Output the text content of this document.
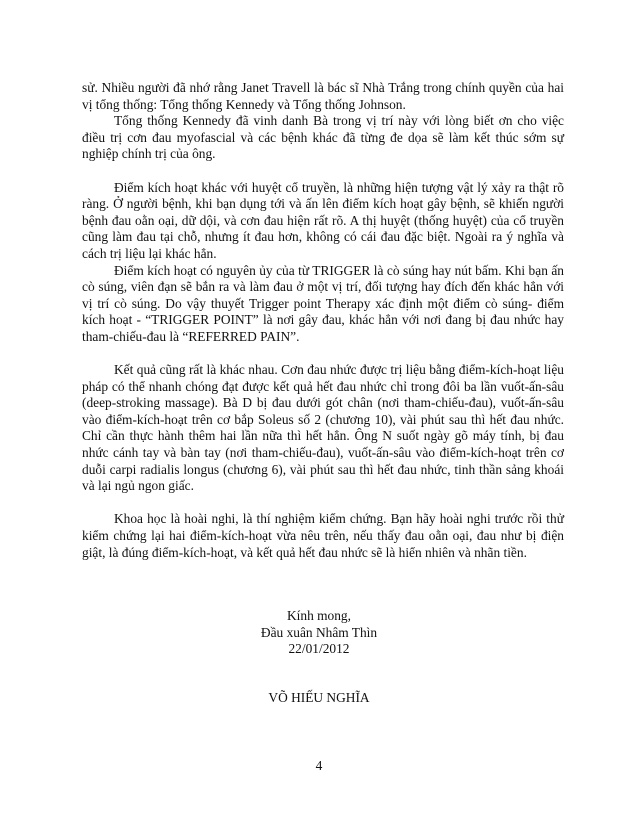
sử. Nhiều người đã nhớ rằng Janet Travell là bác sĩ Nhà Trắng trong chính quyền của hai vị tổng thống: Tổng thống Kennedy và Tổng thống Johnson.

Tổng thống Kennedy đã vinh danh Bà trong vị trí này với lòng biết ơn cho việc điều trị cơn đau myofascial và các bệnh khác đã từng đe dọa sẽ làm kết thúc sớm sự nghiệp chính trị của ông.

Điểm kích hoạt khác với huyệt cổ truyền, là những hiện tượng vật lý xảy ra thật rõ ràng. Ở người bệnh, khi bạn dụng tới và ấn lên điểm kích hoạt gây bệnh, sẽ khiến người bệnh đau oằn oại, dữ dội, và cơn đau hiện rất rõ. A thị huyệt (thống huyệt) của cổ truyền cũng làm đau tại chỗ, nhưng ít đau hơn, không có cái đau đặc biệt. Ngoài ra ý nghĩa và cách trị liệu lại khác hẳn.

Điểm kích hoạt có nguyên ủy của từ TRIGGER là cò súng hay nút bấm. Khi bạn ấn cò súng, viên đạn sẽ bắn ra và làm đau ở một vị trí, đối tượng hay đích đến khác hẳn với vị trí cò súng. Do vậy thuyết Trigger point Therapy xác định một điểm cò súng- điểm kích hoạt - “TRIGGER POINT” là nơi gây đau, khác hẳn với nơi đang bị đau nhức hay tham-chiếu-đau là “REFERRED PAIN”.

Kết quả cũng rất là khác nhau. Cơn đau nhức được trị liệu bằng điểm-kích-hoạt liệu pháp có thể nhanh chóng đạt được kết quả hết đau nhức chỉ trong đôi ba lần vuốt-ấn-sâu (deep-stroking massage). Bà D bị đau dưới gót chân (nơi tham-chiếu-đau), vuốt-ấn-sâu vào điểm-kích-hoạt trên cơ bắp Soleus số 2 (chương 10), vài phút sau thì hết đau nhức. Chỉ cần thực hành thêm hai lần nữa thì hết hẳn. Ông N suốt ngày gõ máy tính, bị đau nhức cánh tay và bàn tay (nơi tham-chiếu-đau), vuốt-ấn-sâu vào điểm-kích-hoạt trên cơ duỗi carpi radialis longus (chương 6), vài phút sau thì hết đau nhức, tinh thần sảng khoái và lại ngủ ngon giấc.

Khoa học là hoài nghi, là thí nghiệm kiểm chứng. Bạn hãy hoài nghi trước rồi thử kiểm chứng lại hai điểm-kích-hoạt vừa nêu trên, nếu thấy đau oằn oại, đau như bị điện giật, là đúng điểm-kích-hoạt, và kết quả hết đau nhức sẽ là hiển nhiên và nhãn tiền.

Kính mong,
Đầu xuân Nhâm Thìn
22/01/2012
VÕ HIẾU NGHĨA
4
